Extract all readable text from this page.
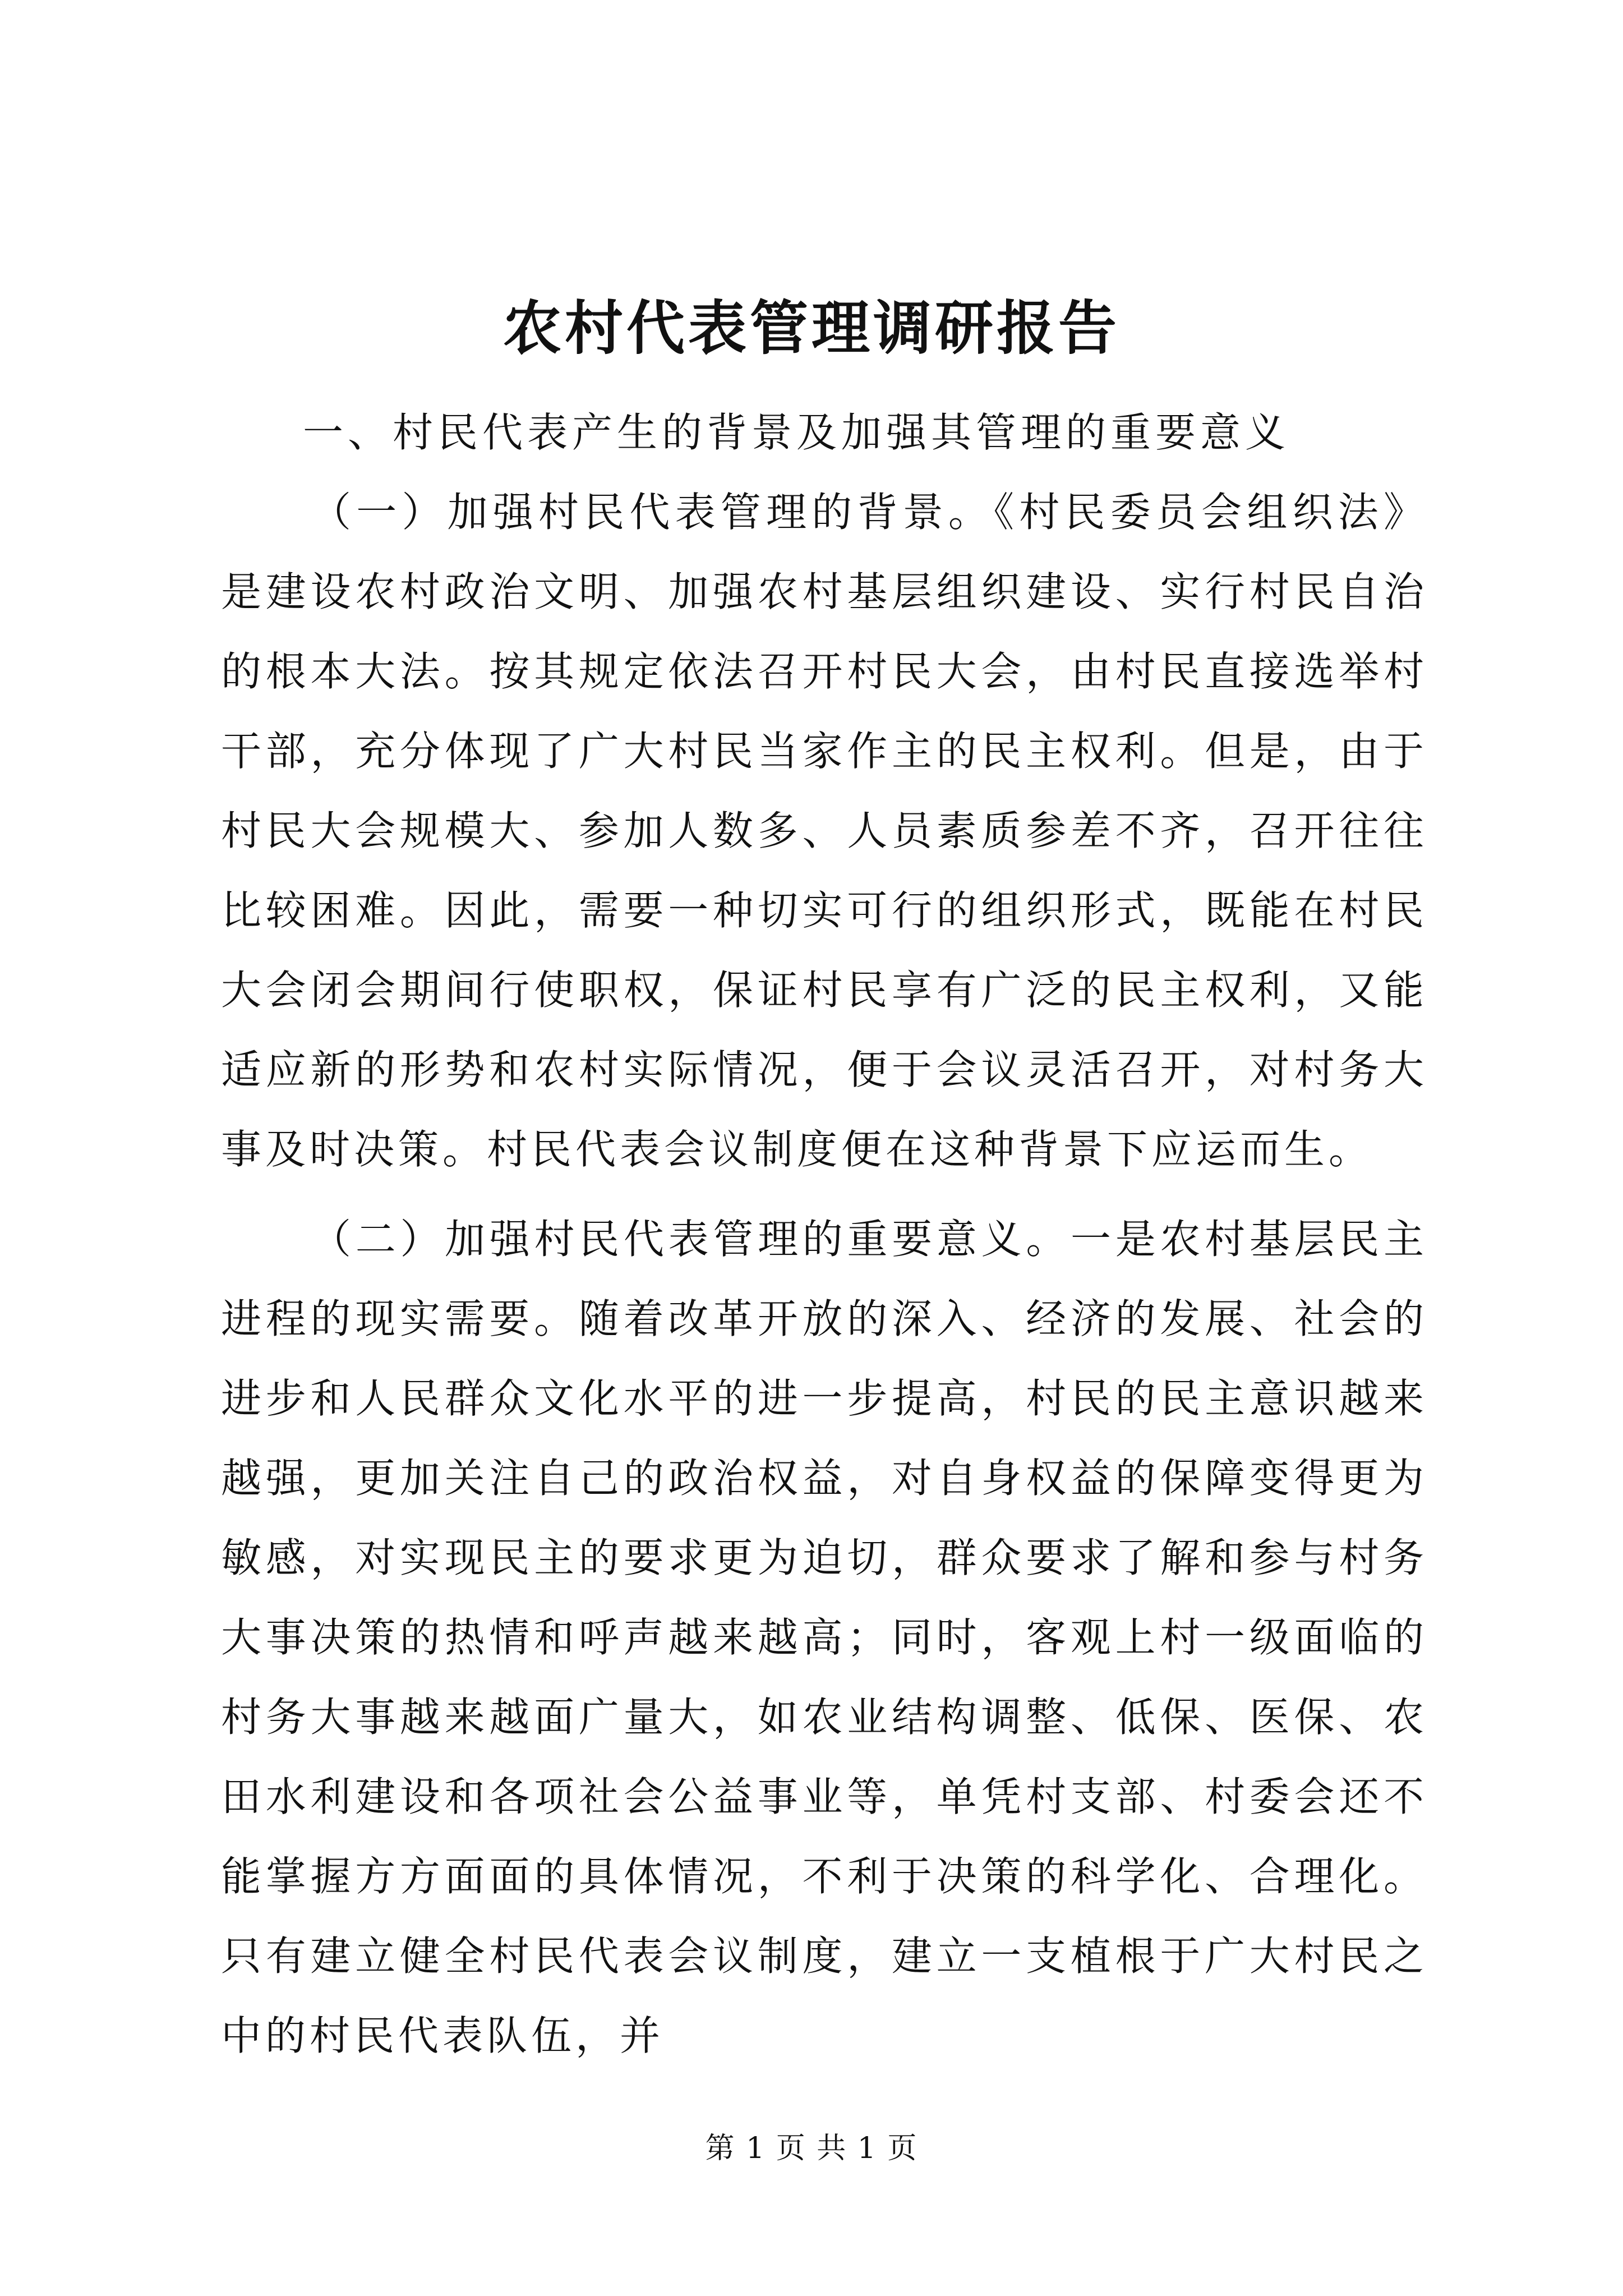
农村代表管理调研报告

一、村民代表产生的背景及加强其管理的重要意义

（一）加强村民代表管理的背景。《村民委员会组织法》是建设农村政治文明、加强农村基层组织建设、实行村民自治的根本大法。按其规定依法召开村民大会，由村民直接选举村干部，充分体现了广大村民当家作主的民主权利。但是，由于村民大会规模大、参加人数多、人员素质参差不齐，召开往往比较困难。因此，需要一种切实可行的组织形式，既能在村民大会闭会期间行使职权，保证村民享有广泛的民主权利，又能适应新的形势和农村实际情况，便于会议灵活召开，对村务大事及时决策。村民代表会议制度便在这种背景下应运而生。

（二）加强村民代表管理的重要意义。一是农村基层民主进程的现实需要。随着改革开放的深入、经济的发展、社会的进步和人民群众文化水平的进一步提高，村民的民主意识越来越强，更加关注自己的政治权益，对自身权益的保障变得更为敏感，对实现民主的要求更为迫切，群众要求了解和参与村务大事决策的热情和呼声越来越高；同时，客观上村一级面临的村务大事越来越面广量大，如农业结构调整、低保、医保、农田水利建设和各项社会公益事业等，单凭村支部、村委会还不能掌握方方面面的具体情况，不利于决策的科学化、合理化。只有建立健全村民代表会议制度，建立一支植根于广大村民之中的村民代表队伍，并

第 1 页 共 1 页
